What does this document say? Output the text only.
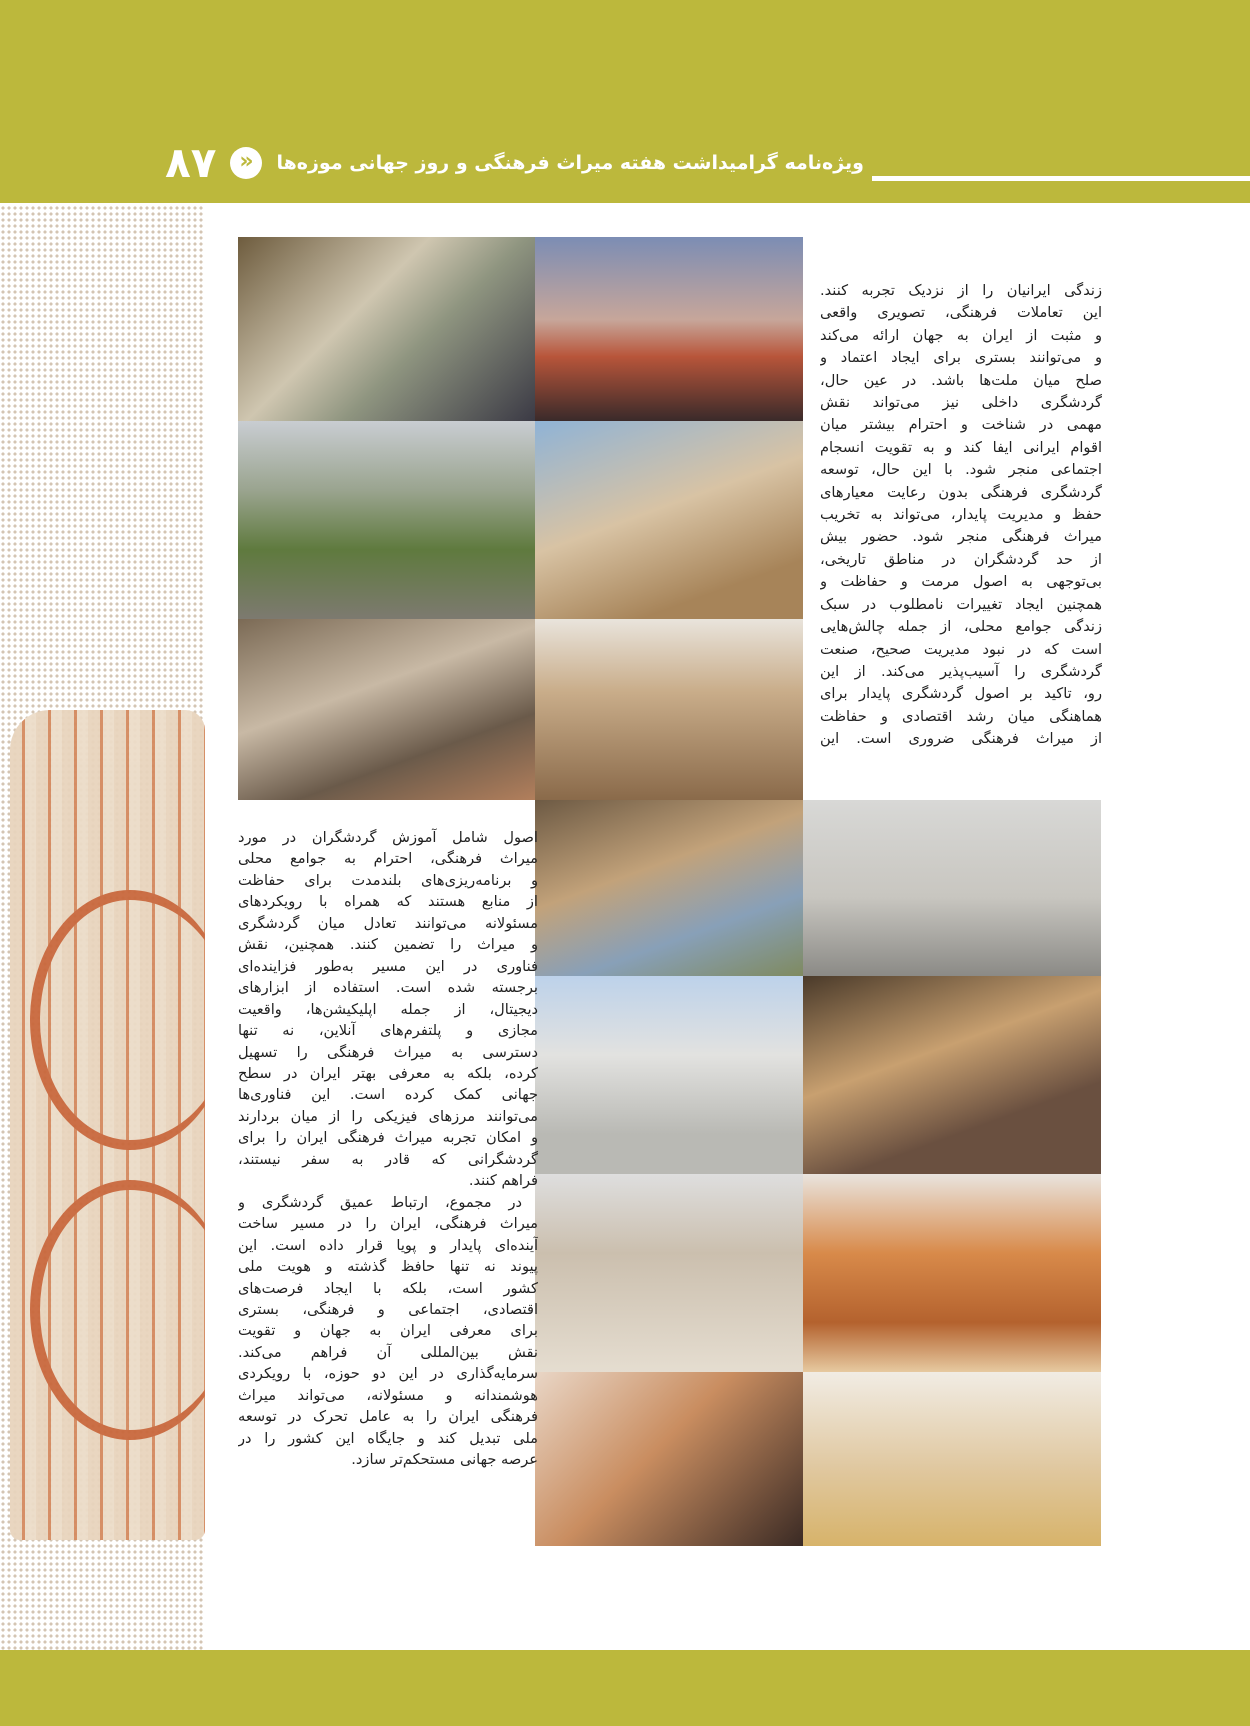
ویژه‌نامه گرامیداشت هفته میراث فرهنگی و روز جهانی موزه‌ها
«
۸۷
زندگی ایرانیان را از نزدیک تجربه کنند.
این تعاملات فرهنگی، تصویری واقعی
و مثبت از ایران به جهان ارائه می‌کند
و می‌توانند بستری برای ایجاد اعتماد و
صلح میان ملت‌ها باشد. در عین حال،
گردشگری داخلی نیز می‌تواند نقش
مهمی در شناخت و احترام بیشتر میان
اقوام ایرانی ایفا کند و به تقویت انسجام
اجتماعی منجر شود. با این حال، توسعه
گردشگری فرهنگی بدون رعایت معیارهای
حفظ و مدیریت پایدار، می‌تواند به تخریب
میراث فرهنگی منجر شود. حضور بیش
از حد گردشگران در مناطق تاریخی،
بی‌توجهی به اصول مرمت و حفاظت و
همچنین ایجاد تغییرات نامطلوب در سبک
زندگی جوامع محلی، از جمله چالش‌هایی
است که در نبود مدیریت صحیح، صنعت
گردشگری را آسیب‌پذیر می‌کند. از این
رو، تاکید بر اصول گردشگری پایدار برای
هماهنگی میان رشد اقتصادی و حفاظت
از میراث فرهنگی ضروری است. این
اصول شامل آموزش گردشگران در مورد
میراث فرهنگی، احترام به جوامع محلی
و برنامه‌ریزی‌های بلندمدت برای حفاظت
از منابع هستند که همراه با رویکردهای
مسئولانه می‌توانند تعادل میان گردشگری
و میراث را تضمین کنند. همچنین، نقش
فناوری در این مسیر به‌طور فزاینده‌ای
برجسته شده است. استفاده از ابزارهای
دیجیتال، از جمله اپلیکیشن‌ها، واقعیت
مجازی و پلتفرم‌های آنلاین، نه تنها
دسترسی به میراث فرهنگی را تسهیل
کرده، بلکه به معرفی بهتر ایران در سطح
جهانی کمک کرده است. این فناوری‌ها
می‌توانند مرزهای فیزیکی را از میان بردارند
و امکان تجربه میراث فرهنگی ایران را برای
گردشگرانی که قادر به سفر نیستند،
فراهم کنند.
در مجموع، ارتباط عمیق گردشگری و
میراث فرهنگی، ایران را در مسیر ساخت
آینده‌ای پایدار و پویا قرار داده است. این
پیوند نه تنها حافظ گذشته و هویت ملی
کشور است، بلکه با ایجاد فرصت‌های
اقتصادی، اجتماعی و فرهنگی، بستری
برای معرفی ایران به جهان و تقویت
نقش بین‌المللی آن فراهم می‌کند.
سرمایه‌گذاری در این دو حوزه، با رویکردی
هوشمندانه و مسئولانه، می‌تواند میراث
فرهنگی ایران را به عامل تحرک در توسعه
ملی تبدیل کند و جایگاه این کشور را در
عرصه جهانی مستحکم‌تر سازد.
